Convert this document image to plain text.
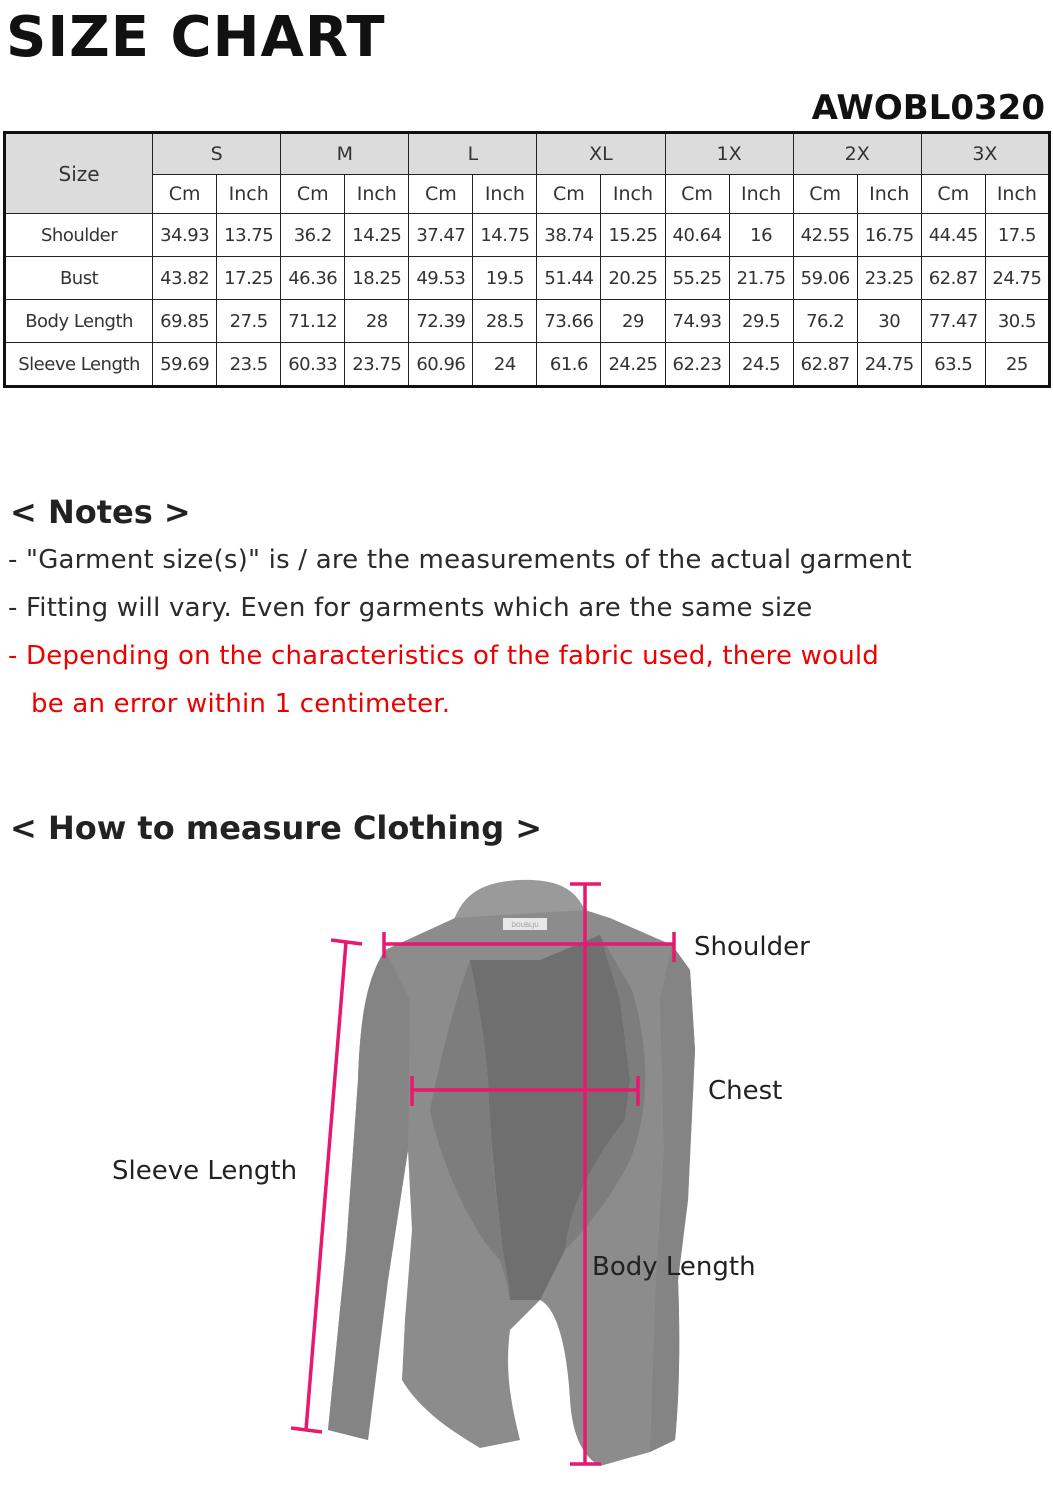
SIZE CHART
AWOBL0320
Size	S		M		L		XL		1X		2X		3X	
	Cm	Inch	Cm	Inch	Cm	Inch	Cm	Inch	Cm	Inch	Cm	Inch	Cm	Inch
Shoulder	34.93	13.75	36.2	14.25	37.47	14.75	38.74	15.25	40.64	16	42.55	16.75	44.45	17.5
Bust	43.82	17.25	46.36	18.25	49.53	19.5	51.44	20.25	55.25	21.75	59.06	23.25	62.87	24.75
Body Length	69.85	27.5	71.12	28	72.39	28.5	73.66	29	74.93	29.5	76.2	30	77.47	30.5
Sleeve Length	59.69	23.5	60.33	23.75	60.96	24	61.6	24.25	62.23	24.5	62.87	24.75	63.5	25
< Notes >
- "Garment size(s)" is / are the measurements of the actual garment
- Fitting will vary. Even for garments which are the same size
- Depending on the characteristics of the fabric used, there would
be an error within 1 centimeter.
< How to measure Clothing >
DOUBLJU
Shoulder
Chest
Sleeve Length
Body Length
